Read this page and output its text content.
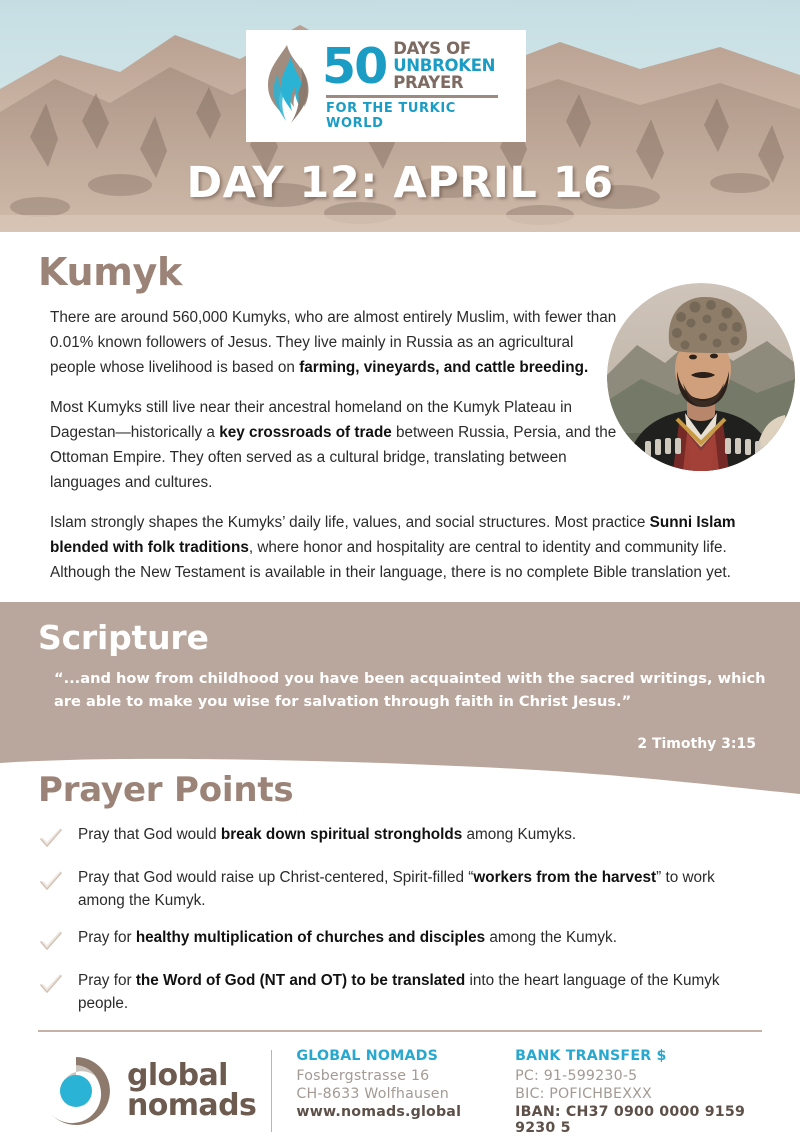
50 DAYS OF
UNBROKEN
PRAYER
FOR THE TURKIC WORLD
DAY 12: APRIL 16
Kumyk

There are around 560,000 Kumyks, who are almost entirely Muslim, with fewer than 0.01% known followers of Jesus. They live mainly in Russia as an agricultural people whose livelihood is based on farming, vineyards, and cattle breeding.

Most Kumyks still live near their ancestral homeland on the Kumyk Plateau in Dagestan—historically a key crossroads of trade between Russia, Persia, and the Ottoman Empire. They often served as a cultural bridge, translating between languages and cultures.

Islam strongly shapes the Kumyks’ daily life, values, and social structures. Most practice Sunni Islam blended with folk traditions, where honor and hospitality are central to identity and community life. Although the New Testament is available in their language, there is no complete Bible translation yet.

Scripture
“...and how from childhood you have been acquainted with the sacred writings, which are able to make you wise for salvation through faith in Christ Jesus.”
2 Timothy 3:15
Prayer Points
Pray that God would break down spiritual strongholds among Kumyks.
Pray that God would raise up Christ-centered, Spirit-filled “workers from the harvest” to work among the Kumyk.
Pray for healthy multiplication of churches and disciples among the Kumyk.
Pray for the Word of God (NT and OT) to be translated into the heart language of the Kumyk people.
global
nomads
GLOBAL NOMADS
Fosbergstrasse 16
CH-8633 Wolfhausen
www.nomads.global
BANK TRANSFER $
PC: 91-599230-5
BIC: POFICHBEXXX
IBAN: CH37 0900 0000 9159 9230 5
